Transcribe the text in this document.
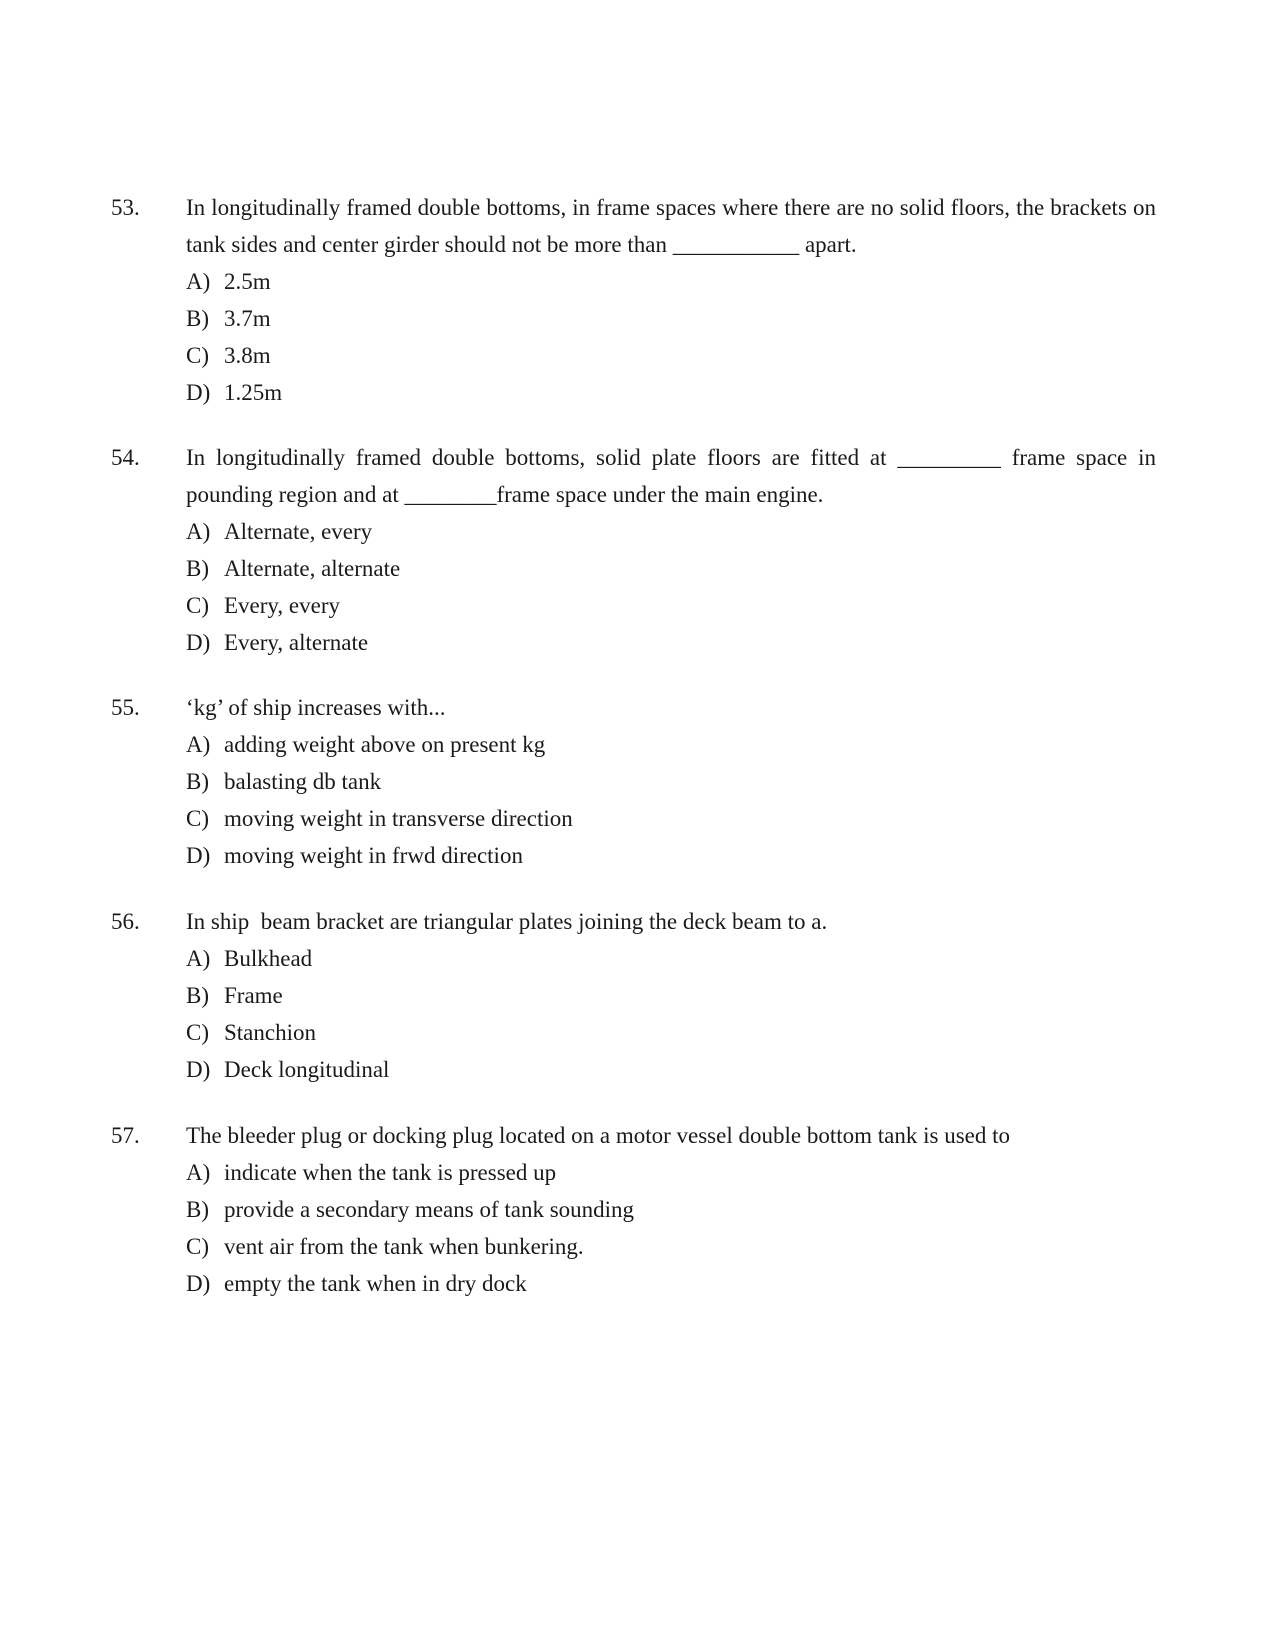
53. In longitudinally framed double bottoms, in frame spaces where there are no solid floors, the brackets on tank sides and center girder should not be more than ___________ apart.
A) 2.5m
B) 3.7m
C) 3.8m
D) 1.25m
54. In longitudinally framed double bottoms, solid plate floors are fitted at _________ frame space in pounding region and at ________frame space under the main engine.
A) Alternate, every
B) Alternate, alternate
C) Every, every
D) Every, alternate
55. ‘kg’ of ship increases with...
A) adding weight above on present kg
B) balasting db tank
C) moving weight in transverse direction
D) moving weight in frwd direction
56. In ship  beam bracket are triangular plates joining the deck beam to a.
A) Bulkhead
B) Frame
C) Stanchion
D) Deck longitudinal
57. The bleeder plug or docking plug located on a motor vessel double bottom tank is used to
A) indicate when the tank is pressed up
B) provide a secondary means of tank sounding
C) vent air from the tank when bunkering.
D) empty the tank when in dry dock
